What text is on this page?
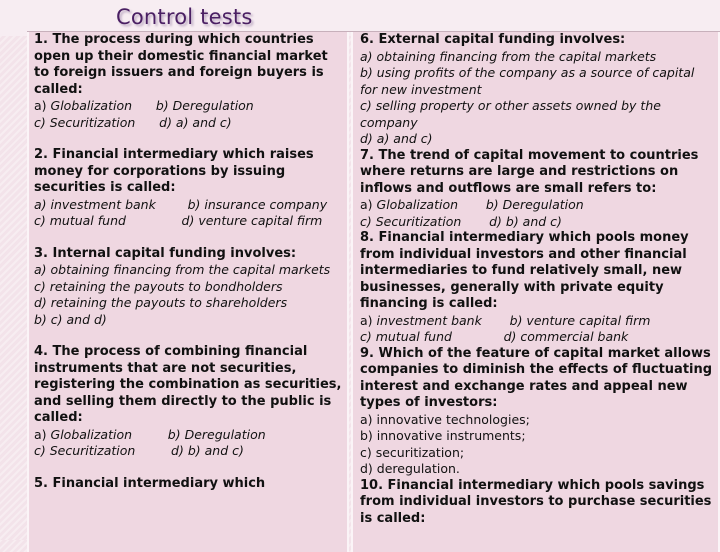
Control tests
1. The process during which countries open up their domestic financial market to foreign issuers and foreign buyers is called:
a) Globalization      b) Deregulation
c) Securitization      d) a) and c)
2. Financial intermediary which raises money for corporations by issuing securities is called:
a) investment bank        b) insurance company
c) mutual fund              d) venture capital firm
3. Internal capital funding involves:
a) obtaining financing from the capital markets
c) retaining the payouts to bondholders
d) retaining the payouts to shareholders
b) c) and d)
4. The process of combining financial instruments that are not securities, registering the combination as securities, and selling them directly to the public is called:
a) Globalization         b) Deregulation
c) Securitization         d) b) and c)
5. Financial intermediary which
6. External capital funding involves:
a) obtaining financing from the capital markets
b) using profits of the company as a source of capital for new investment
c) selling property or other assets owned by the company
d) a) and c)
7. The trend of capital movement to countries where returns are large and restrictions on inflows and outflows are small refers to:
a) Globalization       b) Deregulation
c) Securitization       d) b) and c)
8. Financial intermediary which pools money from individual investors and other financial intermediaries to fund relatively small, new businesses, generally with private equity financing is called:
a) investment bank       b) venture capital firm
c) mutual fund             d) commercial bank
9. Which of the feature of capital market allows companies to diminish the effects of fluctuating interest and exchange rates and appeal new types of investors:
a) innovative technologies;
b) innovative instruments;
c) securitization;
d) deregulation.
10. Financial intermediary which pools savings from individual investors to purchase securities is called:
